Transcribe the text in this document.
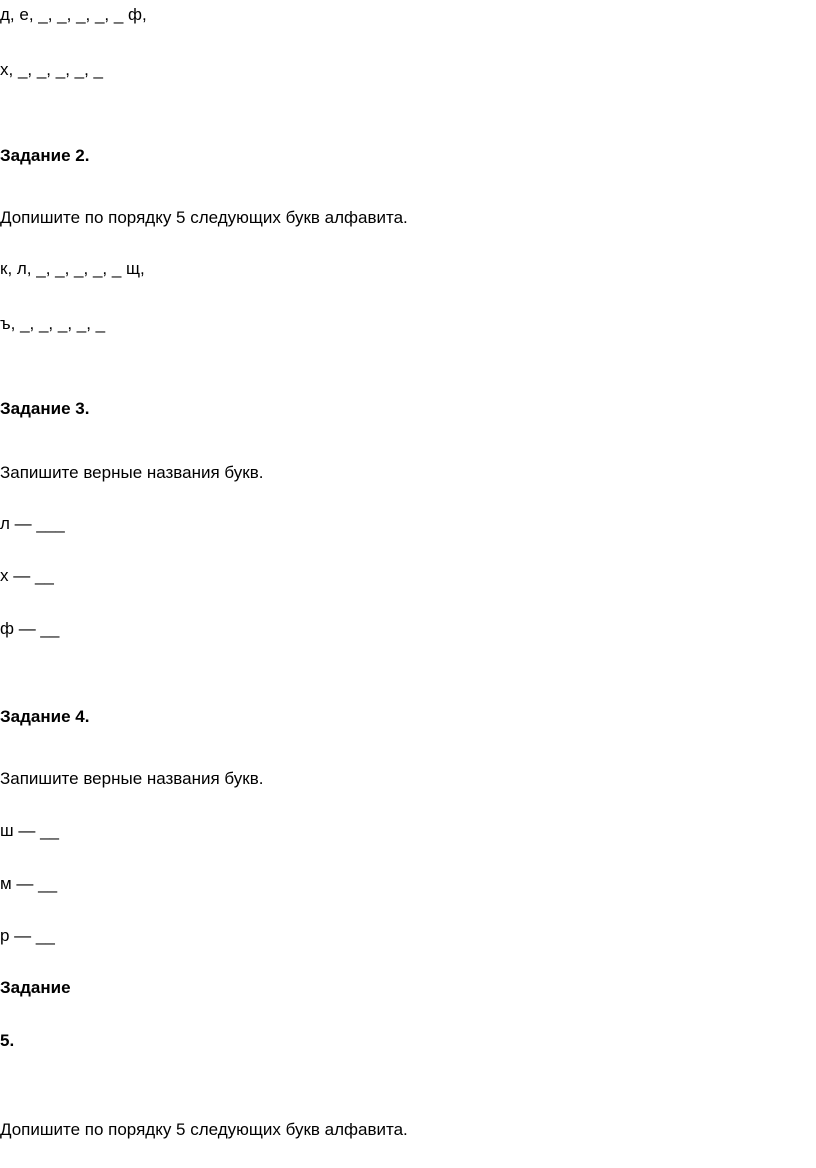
д, е, _, _, _, _, _ ф,
х, _, _, _, _, _
Задание 2.
Допишите по порядку 5 следующих букв алфавита.
к, л, _, _, _, _, _ щ,
ъ, _, _, _, _, _
Задание 3.
Запишите верные названия букв.
л — ___
х — __
ф — __
Задание 4.
Запишите верные названия букв.
ш — __
м — __
р — __
Задание
5.
Допишите по порядку 5 следующих букв алфавита.
